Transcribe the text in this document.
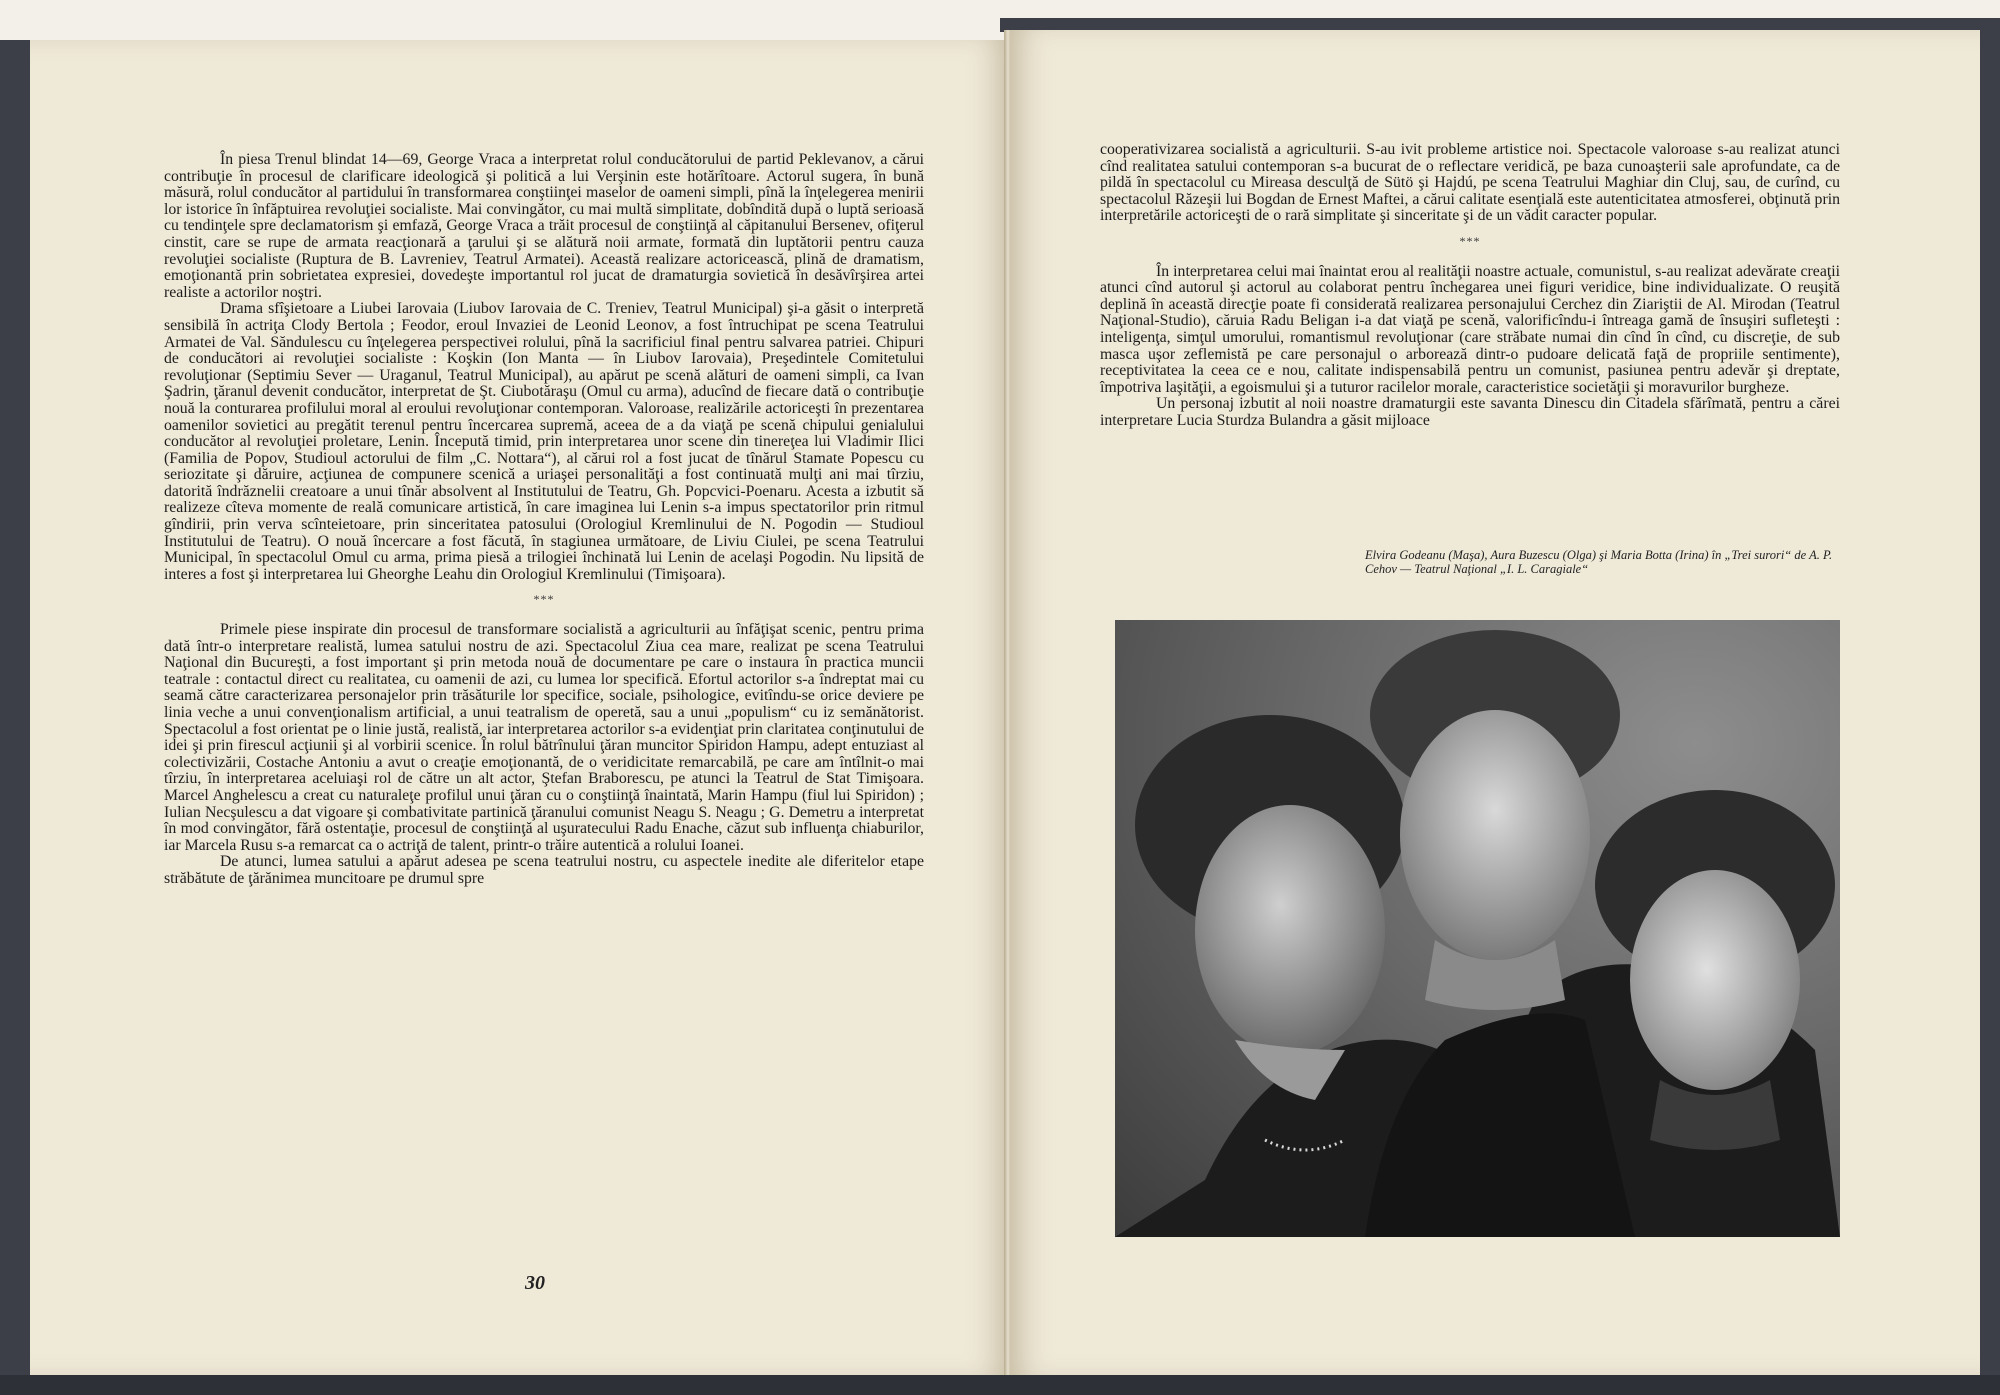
În piesa Trenul blindat 14—69, George Vraca a interpretat rolul conducătorului de partid Peklevanov, a cărui contribuţie în procesul de clarificare ideologică şi politică a lui Verşinin este hotărîtoare. Actorul sugera, în bună măsură, rolul conducător al partidului în transformarea conştiinţei maselor de oameni simpli, pînă la înţelegerea menirii lor istorice în înfăptuirea revoluţiei socialiste. Mai convingător, cu mai multă simplitate, dobîndită după o luptă serioasă cu tendinţele spre declamatorism şi emfază, George Vraca a trăit procesul de conştiinţă al căpitanului Bersenev, ofiţerul cinstit, care se rupe de armata reacţionară a ţarului şi se alătură noii armate, formată din luptătorii pentru cauza revoluţiei socialiste (Ruptura de B. Lavreniev, Teatrul Armatei). Această realizare actoricească, plină de dramatism, emoţionantă prin sobrietatea expresiei, dovedeşte importantul rol jucat de dramaturgia sovietică în desăvîrşirea artei realiste a actorilor noştri.

Drama sfîşietoare a Liubei Iarovaia (Liubov Iarovaia de C. Treniev, Teatrul Municipal) şi-a găsit o interpretă sensibilă în actriţa Clody Bertola ; Feodor, eroul Invaziei de Leonid Leonov, a fost întruchipat pe scena Teatrului Armatei de Val. Săndulescu cu înţelegerea perspectivei rolului, pînă la sacrificiul final pentru salvarea patriei. Chipuri de conducători ai revoluţiei socialiste : Koşkin (Ion Manta — în Liubov Iarovaia), Preşedintele Comitetului revoluţionar (Septimiu Sever — Uraganul, Teatrul Municipal), au apărut pe scenă alături de oameni simpli, ca Ivan Şadrin, ţăranul devenit conducător, interpretat de Şt. Ciubotăraşu (Omul cu arma), aducînd de fiecare dată o contribuţie nouă la conturarea profilului moral al eroului revoluţionar contemporan. Valoroase, realizările actoriceşti în prezentarea oamenilor sovietici au pregătit terenul pentru încercarea supremă, aceea de a da viaţă pe scenă chipului genialului conducător al revoluţiei proletare, Lenin. Începută timid, prin interpretarea unor scene din tinereţea lui Vladimir Ilici (Familia de Popov, Studioul actorului de film „C. Nottara“), al cărui rol a fost jucat de tînărul Stamate Popescu cu seriozitate şi dăruire, acţiunea de compunere scenică a uriaşei personalităţi a fost continuată mulţi ani mai tîrziu, datorită îndrăznelii creatoare a unui tînăr absolvent al Institutului de Teatru, Gh. Popcvici-Poenaru. Acesta a izbutit să realizeze cîteva momente de reală comunicare artistică, în care imaginea lui Lenin s-a impus spectatorilor prin ritmul gîndirii, prin verva scînteietoare, prin sinceritatea patosului (Orologiul Kremlinului de N. Pogodin — Studioul Institutului de Teatru). O nouă încercare a fost făcută, în stagiunea următoare, de Liviu Ciulei, pe scena Teatrului Municipal, în spectacolul Omul cu arma, prima piesă a trilogiei închinată lui Lenin de acelaşi Pogodin. Nu lipsită de interes a fost şi interpretarea lui Gheorghe Leahu din Orologiul Kremlinului (Timişoara).

***

Primele piese inspirate din procesul de transformare socialistă a agriculturii au înfăţişat scenic, pentru prima dată într-o interpretare realistă, lumea satului nostru de azi. Spectacolul Ziua cea mare, realizat pe scena Teatrului Naţional din Bucureşti, a fost important şi prin metoda nouă de documentare pe care o instaura în practica muncii teatrale : contactul direct cu realitatea, cu oamenii de azi, cu lumea lor specifică. Efortul actorilor s-a îndreptat mai cu seamă către caracterizarea personajelor prin trăsăturile lor specifice, sociale, psihologice, evitîndu-se orice deviere pe linia veche a unui convenţionalism artificial, a unui teatralism de operetă, sau a unui „populism“ cu iz semănătorist. Spectacolul a fost orientat pe o linie justă, realistă, iar interpretarea actorilor s-a evidenţiat prin claritatea conţinutului de idei şi prin firescul acţiunii şi al vorbirii scenice. În rolul bătrînului ţăran muncitor Spiridon Hampu, adept entuziast al colectivizării, Costache Antoniu a avut o creaţie emoţionantă, de o veridicitate remarcabilă, pe care am întîlnit-o mai tîrziu, în interpretarea aceluiaşi rol de către un alt actor, Ştefan Braborescu, pe atunci la Teatrul de Stat Timişoara. Marcel Anghelescu a creat cu naturaleţe profilul unui ţăran cu o conştiinţă înaintată, Marin Hampu (fiul lui Spiridon) ; Iulian Necşulescu a dat vigoare şi combativitate partinică ţăranului comunist Neagu S. Neagu ; G. Demetru a interpretat în mod convingător, fără ostentaţie, procesul de conştiinţă al uşuratecului Radu Enache, căzut sub influenţa chiaburilor, iar Marcela Rusu s-a remarcat ca o actriţă de talent, printr-o trăire autentică a rolului Ioanei.

De atunci, lumea satului a apărut adesea pe scena teatrului nostru, cu aspectele inedite ale diferitelor etape străbătute de ţărănimea muncitoare pe drumul spre

30

cooperativizarea socialistă a agriculturii. S-au ivit probleme artistice noi. Spectacole valoroase s-au realizat atunci cînd realitatea satului contemporan s-a bucurat de o reflectare veridică, pe baza cunoaşterii sale aprofundate, ca de pildă în spectacolul cu Mireasa desculţă de Sütö şi Hajdú, pe scena Teatrului Maghiar din Cluj, sau, de curînd, cu spectacolul Răzeşii lui Bogdan de Ernest Maftei, a cărui calitate esenţială este autenticitatea atmosferei, obţinută prin interpretările actoriceşti de o rară simplitate şi sinceritate şi de un vădit caracter popular.

***

În interpretarea celui mai înaintat erou al realităţii noastre actuale, comunistul, s-au realizat adevărate creaţii atunci cînd autorul şi actorul au colaborat pentru închegarea unei figuri veridice, bine individualizate. O reuşită deplină în această direcţie poate fi considerată realizarea personajului Cerchez din Ziariştii de Al. Mirodan (Teatrul Naţional-Studio), căruia Radu Beligan i-a dat viaţă pe scenă, valorificîndu-i întreaga gamă de însuşiri sufleteşti : inteligenţa, simţul umorului, romantismul revoluţionar (care străbate numai din cînd în cînd, cu discreţie, de sub masca uşor zeflemistă pe care personajul o arborează dintr-o pudoare delicată faţă de propriile sentimente), receptivitatea la ceea ce e nou, calitate indispensabilă pentru un comunist, pasiunea pentru adevăr şi dreptate, împotriva laşităţii, a egoismului şi a tuturor racilelor morale, caracteristice societăţii şi moravurilor burgheze.

Un personaj izbutit al noii noastre dramaturgii este savanta Dinescu din Citadela sfărîmată, pentru a cărei interpretare Lucia Sturdza Bulandra a găsit mijloace

Elvira Godeanu (Maşa), Aura Buzescu (Olga) şi Maria Botta (Irina) în „Trei surori“ de A. P. Cehov — Teatrul Naţional „I. L. Caragiale“
